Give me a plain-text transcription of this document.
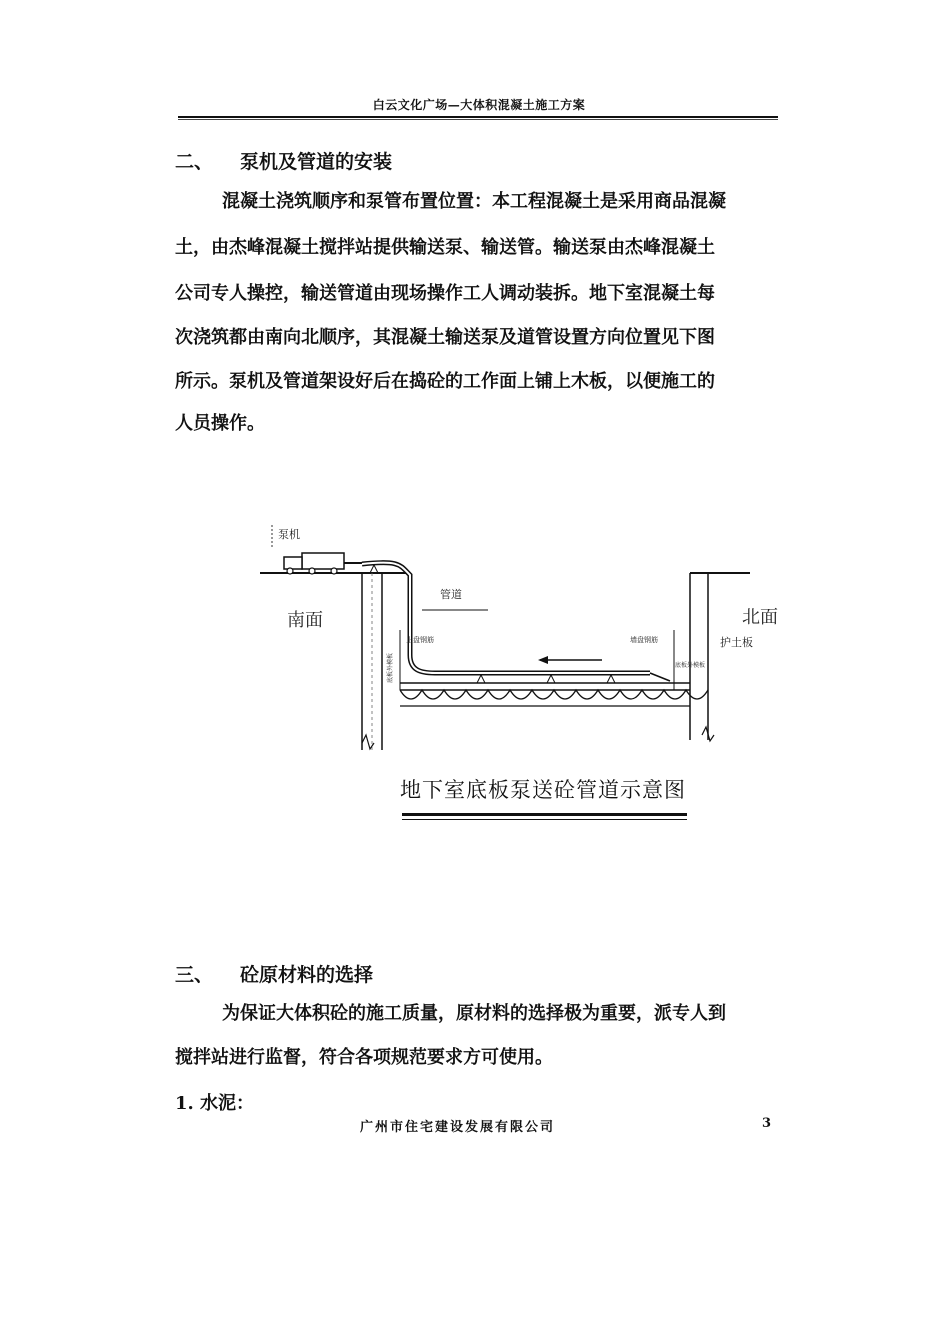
白云文化广场—大体积混凝土施工方案
二、 泵机及管道的安装
混凝土浇筑顺序和泵管布置位置：本工程混凝土是采用商品混凝
土，由杰峰混凝土搅拌站提供输送泵、输送管。输送泵由杰峰混凝土
公司专人操控，输送管道由现场操作工人调动装拆。地下室混凝土每
次浇筑都由南向北顺序，其混凝土输送泵及道管设置方向位置见下图
所示。泵机及管道架设好后在捣砼的工作面上铺上木板，以便施工的
人员操作。
泵机
管道
南面	北面
护土板
止盘钢筋	墙盘钢筋
底板外模板	底板外模板
地下室底板泵送砼管道示意图
三、 砼原材料的选择
为保证大体积砼的施工质量，原材料的选择极为重要，派专人到
搅拌站进行监督，符合各项规范要求方可使用。
1. 水泥：
广州市住宅建设发展有限公司	3
